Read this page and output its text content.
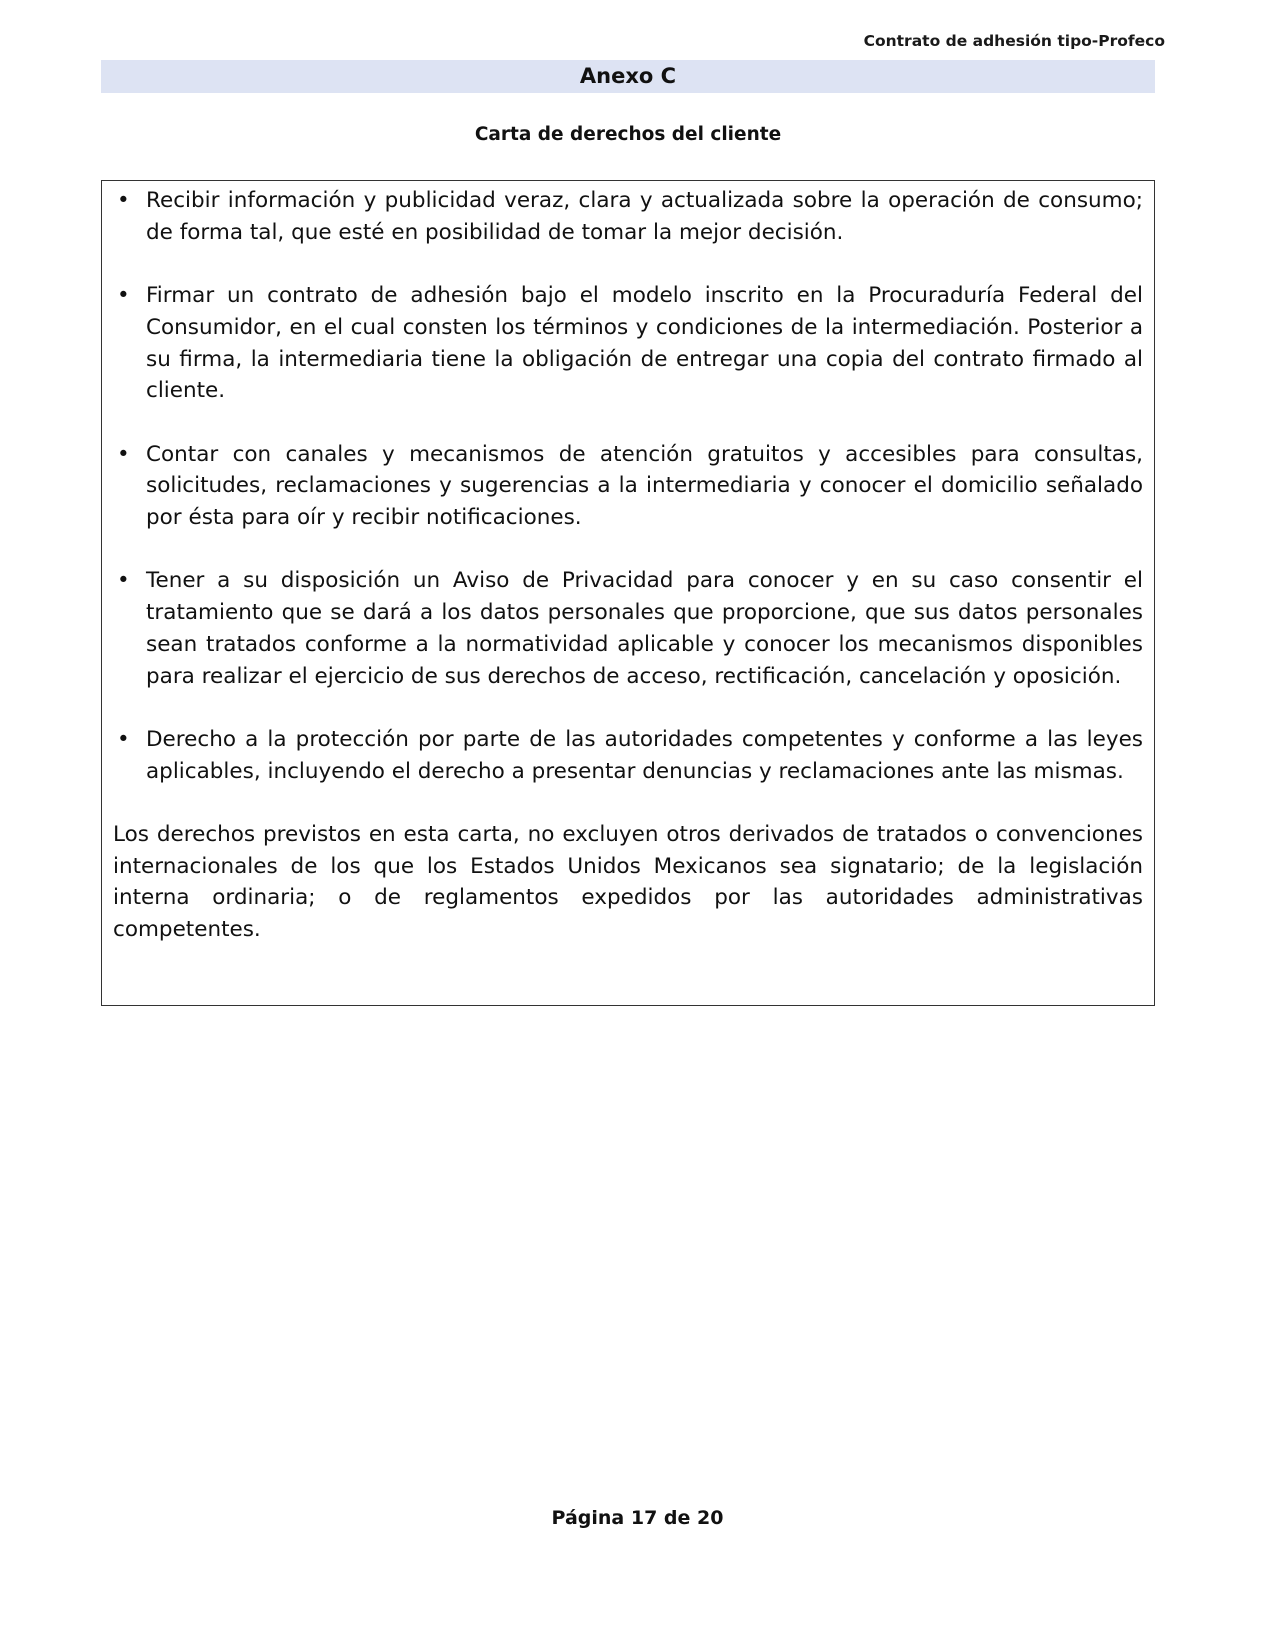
Contrato de adhesión tipo-Profeco
Anexo C
Carta de derechos del cliente
• Recibir información y publicidad veraz, clara y actualizada sobre la operación de consumo; de forma tal, que esté en posibilidad de tomar la mejor decisión.
• Firmar un contrato de adhesión bajo el modelo inscrito en la Procuraduría Federal del Consumidor, en el cual consten los términos y condiciones de la intermediación. Posterior a su firma, la intermediaria tiene la obligación de entregar una copia del contrato firmado al cliente.
• Contar con canales y mecanismos de atención gratuitos y accesibles para consultas, solicitudes, reclamaciones y sugerencias a la intermediaria y conocer el domicilio señalado por ésta para oír y recibir notificaciones.
• Tener a su disposición un Aviso de Privacidad para conocer y en su caso consentir el tratamiento que se dará a los datos personales que proporcione, que sus datos personales sean tratados conforme a la normatividad aplicable y conocer los mecanismos disponibles para realizar el ejercicio de sus derechos de acceso, rectificación, cancelación y oposición.
• Derecho a la protección por parte de las autoridades competentes y conforme a las leyes aplicables, incluyendo el derecho a presentar denuncias y reclamaciones ante las mismas.

Los derechos previstos en esta carta, no excluyen otros derivados de tratados o convenciones internacionales de los que los Estados Unidos Mexicanos sea signatario; de la legislación interna ordinaria; o de reglamentos expedidos por las autoridades administrativas competentes.

Página 17 de 20
